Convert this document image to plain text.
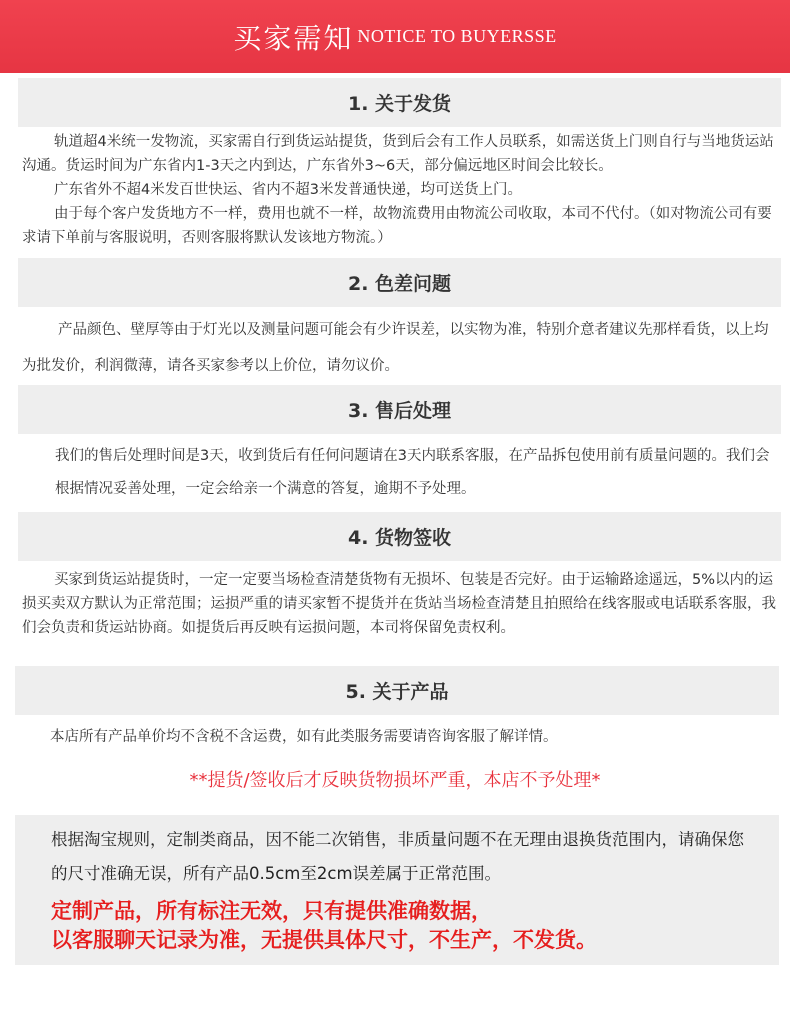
买家需知 NOTICE TO BUYERSSE
1. 关于发货

轨道超4米统一发物流，买家需自行到货运站提货，货到后会有工作人员联系，如需送货上门则自行与当地货运站沟通。货运时间为广东省内1-3天之内到达，广东省外3~6天，部分偏远地区时间会比较长。

广东省外不超4米发百世快运、省内不超3米发普通快递，均可送货上门。

由于每个客户发货地方不一样，费用也就不一样，故物流费用由物流公司收取，本司不代付。（如对物流公司有要求请下单前与客服说明，否则客服将默认发该地方物流。）

2. 色差问题

产品颜色、壁厚等由于灯光以及测量问题可能会有少许误差，以实物为准，特别介意者建议先那样看货，以上均为批发价，利润微薄，请各买家参考以上价位，请勿议价。

3. 售后处理

我们的售后处理时间是3天，收到货后有任何问题请在3天内联系客服，在产品拆包使用前有质量问题的。我们会根据情况妥善处理，一定会给亲一个满意的答复，逾期不予处理。

4. 货物签收

买家到货运站提货时，一定一定要当场检查清楚货物有无损坏、包装是否完好。由于运输路途遥远，5%以内的运损买卖双方默认为正常范围；运损严重的请买家暂不提货并在货站当场检查清楚且拍照给在线客服或电话联系客服，我们会负责和货运站协商。如提货后再反映有运损问题，本司将保留免责权利。

5. 关于产品

本店所有产品单价均不含税不含运费，如有此类服务需要请咨询客服了解详情。

**提货/签收后才反映货物损坏严重，本店不予处理*

根据淘宝规则，定制类商品，因不能二次销售，非质量问题不在无理由退换货范围内，请确保您的尺寸准确无误，所有产品0.5cm至2cm误差属于正常范围。

定制产品，所有标注无效，只有提供准确数据，

以客服聊天记录为准，无提供具体尺寸，不生产，不发货。
